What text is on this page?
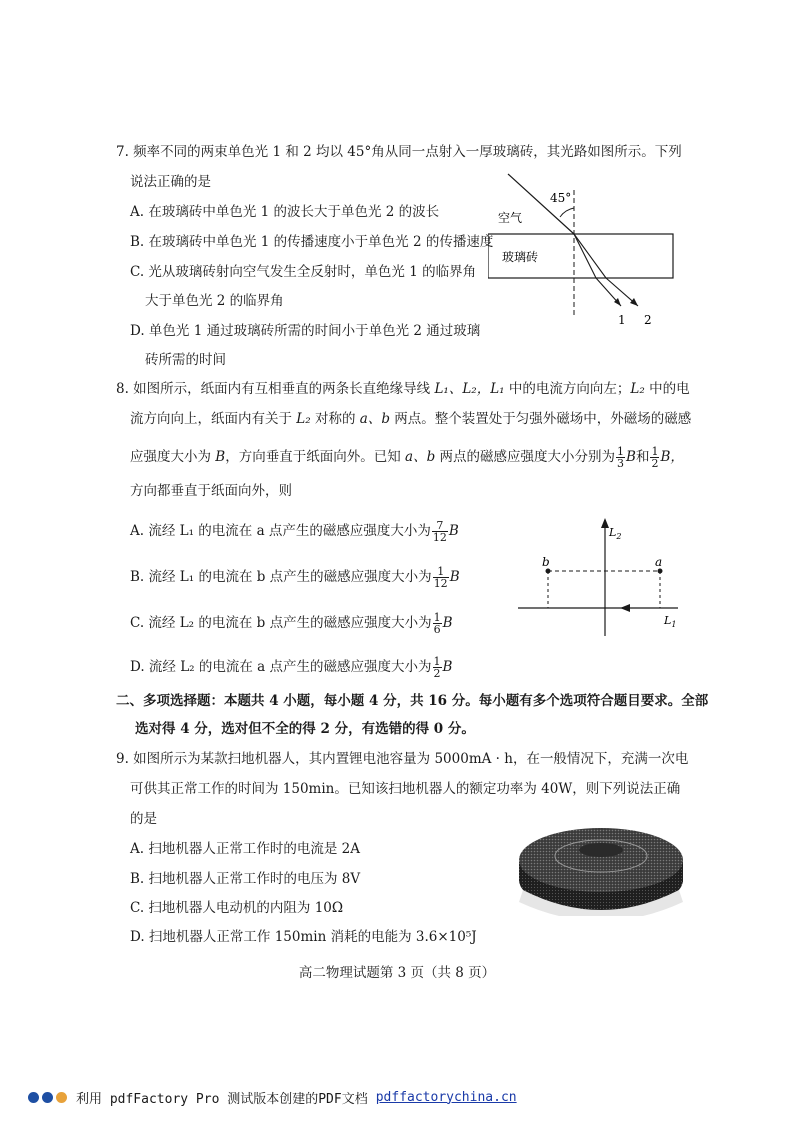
7. 频率不同的两束单色光 1 和 2 均以 45°角从同一点射入一厚玻璃砖，其光路如图所示。下列
说法正确的是
A. 在玻璃砖中单色光 1 的波长大于单色光 2 的波长
B. 在玻璃砖中单色光 1 的传播速度小于单色光 2 的传播速度
C. 光从玻璃砖射向空气发生全反射时，单色光 1 的临界角
大于单色光 2 的临界角
D. 单色光 1 通过玻璃砖所需的时间小于单色光 2 通过玻璃
砖所需的时间
45°
空气
玻璃砖
1 2
8. 如图所示，纸面内有互相垂直的两条长直绝缘导线 L₁、L₂，L₁ 中的电流方向向左；L₂ 中的电
流方向向上，纸面内有关于 L₂ 对称的 a、b 两点。整个装置处于匀强外磁场中，外磁场的磁感
应强度大小为 B，方向垂直于纸面向外。已知 a、b 两点的磁感应强度大小分别为 $\frac{1}{3}$ B和 $\frac{1}{2}$ B，
方向都垂直于纸面向外，则
A. 流经 L₁ 的电流在 a 点产生的磁感应强度大小为 $\frac{7}{12}$ B
B. 流经 L₁ 的电流在 b 点产生的磁感应强度大小为 $\frac{1}{12}$ B
C. 流经 L₂ 的电流在 b 点产生的磁感应强度大小为 $\frac{1}{6}$ B
D. 流经 L₂ 的电流在 a 点产生的磁感应强度大小为 $\frac{1}{2}$ B
b	a
$L_2$
$L_1$
二、多项选择题：本题共 4 小题，每小题 4 分，共 16 分。每小题有多个选项符合题目要求。全部
选对得 4 分，选对但不全的得 2 分，有选错的得 0 分。
9. 如图所示为某款扫地机器人，其内置锂电池容量为 5000mA · h，在一般情况下，充满一次电
可供其正常工作的时间为 150min。已知该扫地机器人的额定功率为 40W，则下列说法正确
的是
A. 扫地机器人正常工作时的电流是 2A
B. 扫地机器人正常工作时的电压为 8V
C. 扫地机器人电动机的内阻为 10Ω
D. 扫地机器人正常工作 150min 消耗的电能为 3.6×10⁵J
高二物理试题第 3 页（共 8 页）
利用 pdfFactory Pro 测试版本创建的PDF文档 pdffactorychina.cn
